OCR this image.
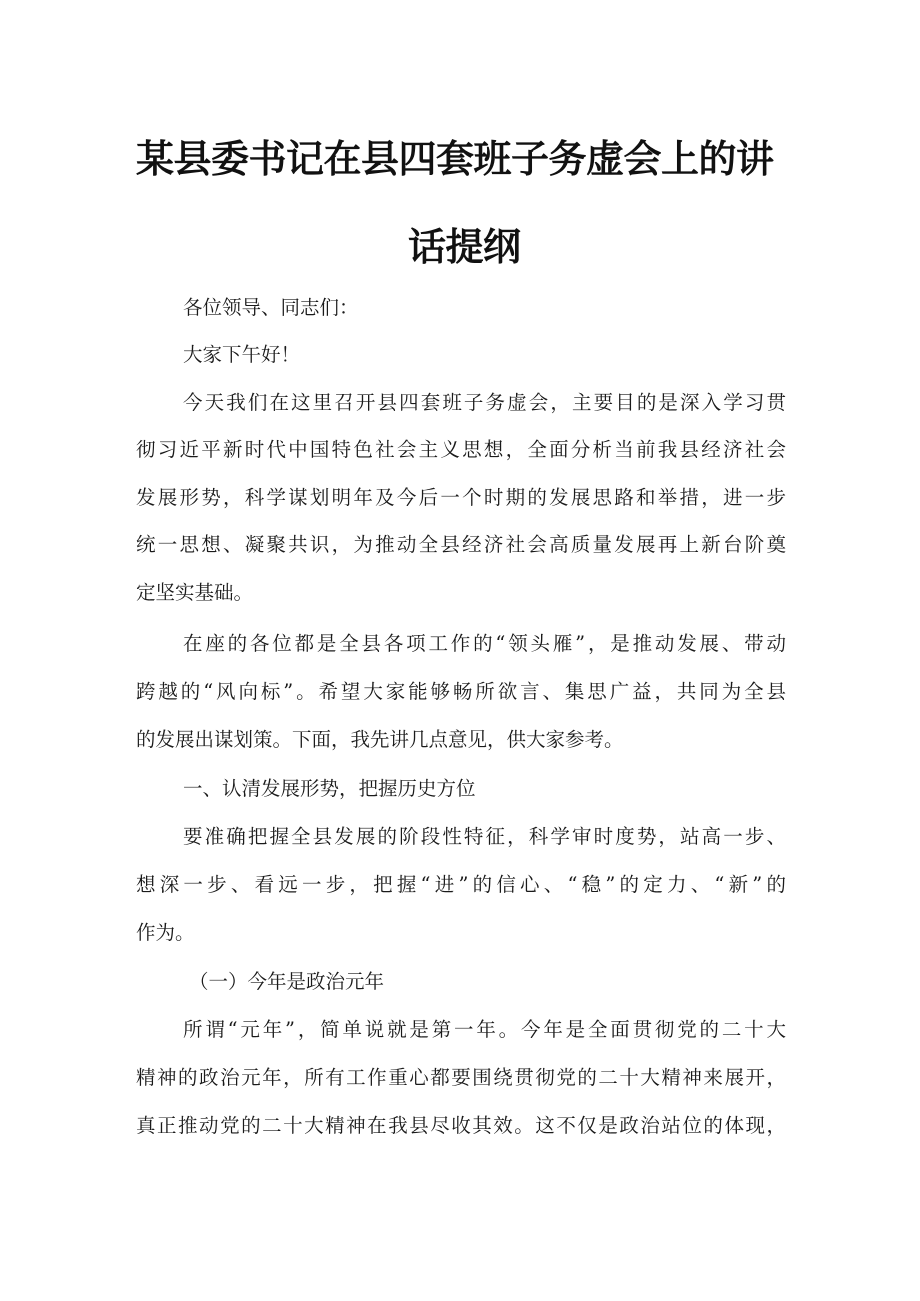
某县委书记在县四套班子务虚会上的讲
话提纲

各位领导、同志们：

大家下午好！

今天我们在这里召开县四套班子务虚会，主要目的是深入学习贯

彻习近平新时代中国特色社会主义思想，全面分析当前我县经济社会

发展形势，科学谋划明年及今后一个时期的发展思路和举措，进一步

统一思想、凝聚共识，为推动全县经济社会高质量发展再上新台阶奠

定坚实基础。

在座的各位都是全县各项工作的“领头雁”，是推动发展、带动

跨越的“风向标”。希望大家能够畅所欲言、集思广益，共同为全县

的发展出谋划策。下面，我先讲几点意见，供大家参考。

一、认清发展形势，把握历史方位

要准确把握全县发展的阶段性特征，科学审时度势，站高一步、

想深一步、看远一步，把握“进”的信心、“稳”的定力、“新”的

作为。

（一）今年是政治元年

所谓“元年”，简单说就是第一年。今年是全面贯彻党的二十大

精神的政治元年，所有工作重心都要围绕贯彻党的二十大精神来展开，

真正推动党的二十大精神在我县尽收其效。这不仅是政治站位的体现，
